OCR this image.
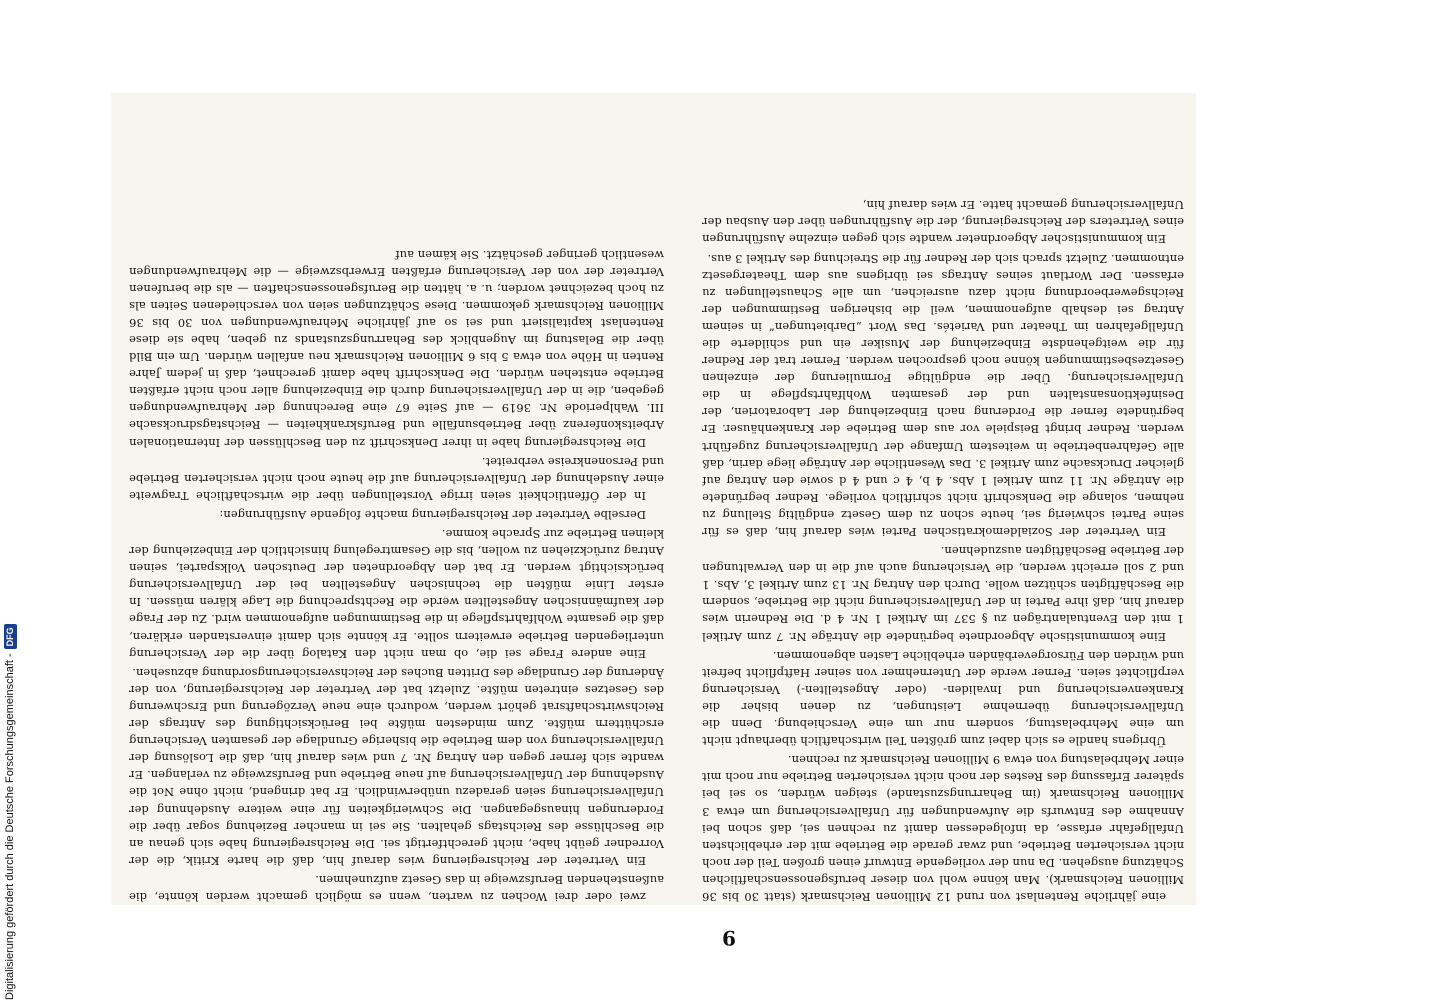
9

eine jährliche Rentenlast von rund 12 Millionen Reichsmark (statt 30 bis 36 Millionen Reichsmark). Man könne wohl von dieser berufsgenossenschaftlichen Schätzung ausgehen. Da nun der vorliegende Entwurf einen großen Teil der noch nicht versicherten Betriebe, und zwar gerade die Betriebe mit der erheblichsten Unfallgefahr erfasse, da infolgedessen damit zu rechnen sei, daß schon bei Annahme des Entwurfs die Aufwendungen für Unfallversicherung um etwa 3 Millionen Reichsmark (im Beharrungszustande) steigen würden, so sei bei späterer Erfassung des Restes der noch nicht versicherten Betriebe nur noch mit einer Mehrbelastung von etwa 9 Millionen Reichsmark zu rechnen.

Übrigens handle es sich dabei zum größten Teil wirtschaftlich überhaupt nicht um eine Mehrbelastung, sondern nur um eine Verschiebung. Denn die Unfallversicherung übernehme Leistungen, zu denen bisher die Krankenversicherung und Invaliden- (oder Angestellten-) Versicherung verpflichtet seien. Ferner werde der Unternehmer von seiner Haftpflicht befreit und würden den Fürsorgeverbänden erhebliche Lasten abgenommen.

Eine kommunistische Abgeordnete begründete die Anträge Nr. 7 zum Artikel 1 mit den Eventualanträgen zu § 537 im Artikel 1 Nr. 4 d. Die Rednerin wies darauf hin, daß ihre Partei in der Unfallversicherung nicht die Betriebe, sondern die Beschäftigten schützen wolle. Durch den Antrag Nr. 13 zum Artikel 3, Abs. 1 und 2 soll erreicht werden, die Versicherung auch auf die in den Verwaltungen der Betriebe Beschäftigten auszudehnen.

Ein Vertreter der Sozialdemokratischen Partei wies darauf hin, daß es für seine Partei schwierig sei, heute schon zu dem Gesetz endgültig Stellung zu nehmen, solange die Denkschrift nicht schriftlich vorliege. Redner begründete die Anträge Nr. 11 zum Artikel 1 Abs. 4 b, 4 c und 4 d sowie den Antrag auf gleicher Drucksache zum Artikel 3. Das Wesentliche der Anträge liege darin, daß alle Gefahrenbetriebe in weitestem Umfange der Unfallversicherung zugeführt werden. Redner bringt Beispiele vor aus dem Betriebe der Krankenhäuser. Er begründete ferner die Forderung nach Einbeziehung der Laboratorien, der Desinfektionsanstalten und der gesamten Wohlfahrtspflege in die Unfallversicherung. Über die endgültige Formulierung der einzelnen Gesetzesbestimmungen könne noch gesprochen werden. Ferner trat der Redner für die weitgehendste Einbeziehung der Musiker ein und schilderte die Unfallgefahren im Theater und Varietés. Das Wort „Darbietungen“ in seinem Antrag sei deshalb aufgenommen, weil die bisherigen Bestimmungen der Reichsgewerbeordnung nicht dazu ausreichen, um alle Schaustellungen zu erfassen. Der Wortlaut seines Antrags sei übrigens aus dem Theatergesetz entnommen. Zuletzt sprach sich der Redner für die Streichung des Artikel 3 aus.

Ein kommunistischer Abgeordneter wandte sich gegen einzelne Ausführungen eines Vertreters der Reichsregierung, der die Ausführungen über den Ausbau der Unfallversicherung gemacht hatte. Er wies darauf hin,

zwei oder drei Wochen zu warten, wenn es möglich gemacht werden könnte, die außenstehenden Berufszweige in das Gesetz aufzunehmen.

Ein Vertreter der Reichsregierung wies darauf hin, daß die harte Kritik, die der Vorredner geübt habe, nicht gerechtfertigt sei. Die Reichsregierung habe sich genau an die Beschlüsse des Reichstags gehalten. Sie sei in mancher Beziehung sogar über die Forderungen hinausgegangen. Die Schwierigkeiten für eine weitere Ausdehnung der Unfallversicherung seien geradezu unüberwindlich. Er bat dringend, nicht ohne Not die Ausdehnung der Unfallversicherung auf neue Betriebe und Berufszweige zu verlangen. Er wandte sich ferner gegen den Antrag Nr. 7 und wies darauf hin, daß die Loslösung der Unfallversicherung von dem Betriebe die bisherige Grundlage der gesamten Versicherung erschüttern müßte. Zum mindesten müßte bei Berücksichtigung des Antrags der Reichswirtschaftsrat gehört werden, wodurch eine neue Verzögerung und Erschwerung des Gesetzes eintreten müßte. Zuletzt bat der Vertreter der Reichsregierung, von der Änderung der Grundlage des Dritten Buches der Reichsversicherungsordnung abzusehen.

Eine andere Frage sei die, ob man nicht den Katalog über die der Versicherung unterliegenden Betriebe erweitern sollte. Er könnte sich damit einverstanden erklären, daß die gesamte Wohlfahrtspflege in die Bestimmungen aufgenommen wird. Zu der Frage der kaufmännischen Angestellten werde die Rechtsprechung die Lage klären müssen. In erster Linie müßten die technischen Angestellten bei der Unfallversicherung berücksichtigt werden. Er bat den Abgeordneten der Deutschen Volkspartei, seinen Antrag zurückziehen zu wollen, bis die Gesamtregelung hinsichtlich der Einbeziehung der kleinen Betriebe zur Sprache komme.

Derselbe Vertreter der Reichsregierung machte folgende Ausführungen:

In der Öffentlichkeit seien irrige Vorstellungen über die wirtschaftliche Tragweite einer Ausdehnung der Unfallversicherung auf die heute noch nicht versicherten Betriebe und Personenkreise verbreitet.

Die Reichsregierung habe in ihrer Denkschrift zu den Beschlüssen der Internationalen Arbeitskonferenz über Betriebsunfälle und Berufskrankheiten — Reichstagsdrucksache III. Wahlperiode Nr. 3619 — auf Seite 67 eine Berechnung der Mehraufwendungen gegeben, die in der Unfallversicherung durch die Einbeziehung aller noch nicht erfaßten Betriebe entstehen würden. Die Denkschrift habe damit gerechnet, daß in jedem Jahre Renten in Höhe von etwa 5 bis 6 Millionen Reichsmark neu anfallen würden. Um ein Bild über die Belastung im Augenblick des Beharrungszustands zu geben, habe sie diese Rentenlast kapitalisiert und sei so auf jährliche Mehraufwendungen von 30 bis 36 Millionen Reichsmark gekommen. Diese Schätzungen seien von verschiedenen Seiten als zu hoch bezeichnet worden; u. a. hätten die Berufsgenossenschaften — als die berufenen Vertreter der von der Versicherung erfaßten Erwerbszweige — die Mehraufwendungen wesentlich geringer geschätzt. Sie kämen auf

Digitalisierung gefördert durch die Deutsche Forschungsgemeinschaft -
DFG
